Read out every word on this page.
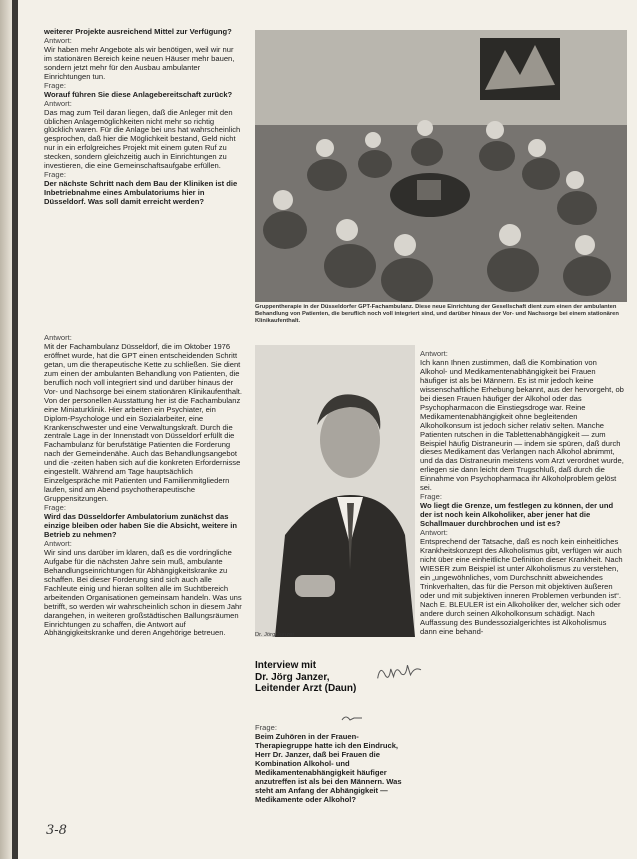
weiterer Projekte ausreichend Mittel zur Verfügung?

Antwort:

Wir haben mehr Angebote als wir benötigen, weil wir nur im stationären Bereich keine neuen Häuser mehr bauen, sondern jetzt mehr für den Ausbau ambulanter Einrichtungen tun.

Frage:

Worauf führen Sie diese Anlagebereitschaft zurück?

Antwort:

Das mag zum Teil daran liegen, daß die Anleger mit den üblichen Anlagemöglichkeiten nicht mehr so richtig glücklich waren. Für die Anlage bei uns hat wahrscheinlich gesprochen, daß hier die Möglichkeit bestand, Geld nicht nur in ein erfolgreiches Projekt mit einem guten Ruf zu stecken, sondern gleichzeitig auch in Einrichtungen zu investieren, die eine Gemeinschaftsaufgabe erfüllen.

Frage:

Der nächste Schritt nach dem Bau der Kliniken ist die Inbetriebnahme eines Ambulatoriums hier in Düsseldorf. Was soll damit erreicht werden?

Antwort:

Mit der Fachambulanz Düsseldorf, die im Oktober 1976 eröffnet wurde, hat die GPT einen entscheidenden Schritt getan, um die therapeutische Kette zu schließen. Sie dient zum einen der ambulanten Behandlung von Patienten, die beruflich noch voll integriert sind und darüber hinaus der Vor- und Nachsorge bei einem stationären Klinikaufenthalt. Von der personellen Ausstattung her ist die Fachambulanz eine Miniaturklinik. Hier arbeiten ein Psychiater, ein Diplom-Psychologe und ein Sozialarbeiter, eine Krankenschwester und eine Verwaltungskraft. Durch die zentrale Lage in der Innenstadt von Düsseldorf erfüllt die Fachambulanz für berufstätige Patienten die Forderung nach der Gemeindenähe. Auch das Behandlungsangebot und die -zeiten haben sich auf die konkreten Erfordernisse eingestellt. Während am Tage hauptsächlich Einzelgespräche mit Patienten und Familienmitgliedern laufen, sind am Abend psychotherapeutische Gruppensitzungen.

Frage:

Wird das Düsseldorfer Ambulatorium zunächst das einzige bleiben oder haben Sie die Absicht, weitere in Betrieb zu nehmen?

Antwort:

Wir sind uns darüber im klaren, daß es die vordringliche Aufgabe für die nächsten Jahre sein muß, ambulante Behandlungseinrichtungen für Abhängigkeitskranke zu schaffen. Bei dieser Forderung sind sich auch alle Fachleute einig und hieran sollten alle im Suchtbereich arbeitenden Organisationen gemeinsam handeln. Was uns betrifft, so werden wir wahrscheinlich schon in diesem Jahr darangehen, in weiteren großstädtischen Ballungsräumen Einrichtungen zu schaffen, die Antwort auf Abhängigkeitskranke und deren Angehörige betreuen.

Gruppentherapie in der Düsseldorfer GPT-Fachambulanz. Diese neue Einrichtung der Gesellschaft dient zum einen der ambulanten Behandlung von Patienten, die beruflich noch voll integriert sind, und darüber hinaus der Vor- und Nachsorge bei einem stationären Klinikaufenthalt.
Dr. Jörg Janzer
Interview mit
Dr. Jörg Janzer,
Leitender Arzt (Daun)

Frage:

Beim Zuhören in der Frauen-Therapiegruppe hatte ich den Eindruck, Herr Dr. Janzer, daß bei Frauen die Kombination Alkohol- und Medikamentenabhängigkeit häufiger anzutreffen ist als bei den Männern. Was steht am Anfang der Abhängigkeit — Medikamente oder Alkohol?

Antwort:

Ich kann Ihnen zustimmen, daß die Kombination von Alkohol- und Medikamentenabhängigkeit bei Frauen häufiger ist als bei Männern. Es ist mir jedoch keine wissenschaftliche Erhebung bekannt, aus der hervorgeht, ob bei diesen Frauen häufiger der Alkohol oder das Psychopharmacon die Einstiegsdroge war. Reine Medikamentenabhängigkeit ohne begleitenden Alkoholkonsum ist jedoch sicher relativ selten. Manche Patienten rutschen in die Tablettenabhängigkeit — zum Beispiel häufig Distraneurin — indem sie spüren, daß durch dieses Medikament das Verlangen nach Alkohol abnimmt, und da das Distraneurin meistens vom Arzt verordnet wurde, erliegen sie dann leicht dem Trugschluß, daß durch die Einnahme von Psychopharmaca ihr Alkoholproblem gelöst sei.

Frage:

Wo liegt die Grenze, um festlegen zu können, der und der ist noch kein Alkoholiker, aber jener hat die Schallmauer durchbrochen und ist es?

Antwort:

Entsprechend der Tatsache, daß es noch kein einheitliches Krankheitskonzept des Alkoholismus gibt, verfügen wir auch nicht über eine einheitliche Definition dieser Krankheit. Nach WIESER zum Beispiel ist unter Alkoholismus zu verstehen, ein „ungewöhnliches, vom Durchschnitt abweichendes Trinkverhalten, das für die Person mit objektiven äußeren oder und mit subjektiven inneren Problemen verbunden ist“. Nach E. BLEULER ist ein Alkoholiker der, welcher sich oder andere durch seinen Alkoholkonsum schädigt. Nach Auffassung des Bundessozialgerichtes ist Alkoholismus dann eine behand-

3-8
